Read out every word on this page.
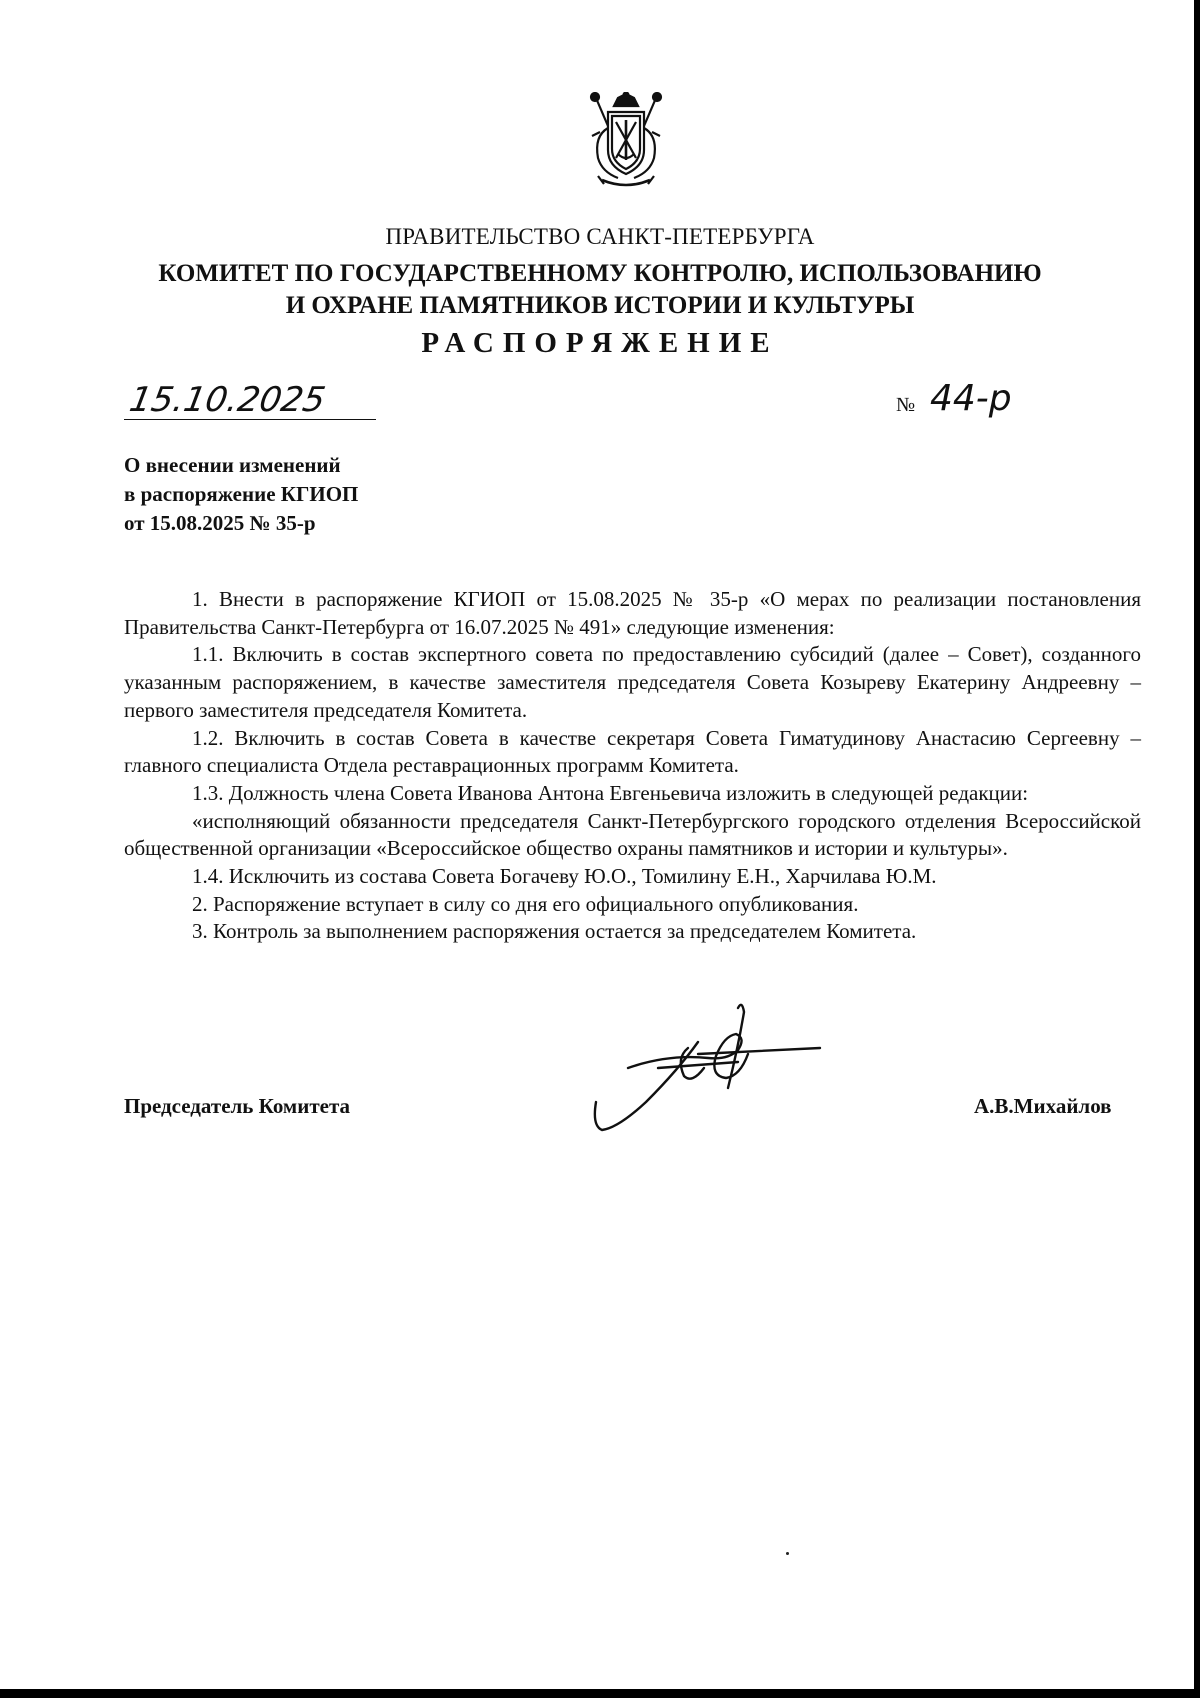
ПРАВИТЕЛЬСТВО САНКТ-ПЕТЕРБУРГА
КОМИТЕТ ПО ГОСУДАРСТВЕННОМУ КОНТРОЛЮ, ИСПОЛЬЗОВАНИЮ
И ОХРАНЕ ПАМЯТНИКОВ ИСТОРИИ И КУЛЬТУРЫ
РАСПОРЯЖЕНИЕ
15.10.2025	№ 44-р
О внесении изменений
в распоряжение КГИОП
от 15.08.2025 № 35-р

1. Внести в распоряжение КГИОП от 15.08.2025 № 35-р «О мерах по реализации постановления Правительства Санкт-Петербурга от 16.07.2025 № 491» следующие изменения:

1.1. Включить в состав экспертного совета по предоставлению субсидий (далее – Совет), созданного указанным распоряжением, в качестве заместителя председателя Совета Козыреву Екатерину Андреевну – первого заместителя председателя Комитета.

1.2. Включить в состав Совета в качестве секретаря Совета Гиматудинову Анастасию Сергеевну – главного специалиста Отдела реставрационных программ Комитета.

1.3. Должность члена Совета Иванова Антона Евгеньевича изложить в следующей редакции:

«исполняющий обязанности председателя Санкт-Петербургского городского отделения Всероссийской общественной организации «Всероссийское общество охраны памятников и истории и культуры».

1.4. Исключить из состава Совета Богачеву Ю.О., Томилину Е.Н., Харчилава Ю.М.

2. Распоряжение вступает в силу со дня его официального опубликования.

3. Контроль за выполнением распоряжения остается за председателем Комитета.

Председатель Комитета	А.В.Михайлов
